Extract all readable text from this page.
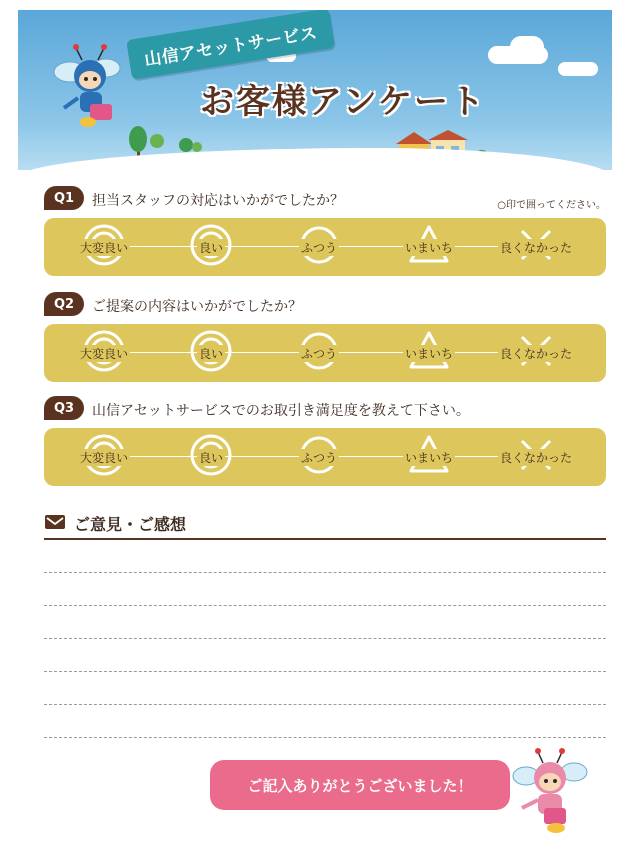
山信アセットサービス
お客様アンケート
Q1	担当スタッフの対応はいかがでしたか？	○印で囲ってください。
大変良い	良い	ふつう	いまいち	良くなかった
Q2	ご提案の内容はいかがでしたか？
大変良い	良い	ふつう	いまいち	良くなかった
Q3	山信アセットサービスでのお取引き満足度を教えて下さい。
大変良い	良い	ふつう	いまいち	良くなかった
ご意見・ご感想
ご記入ありがとうございました！
